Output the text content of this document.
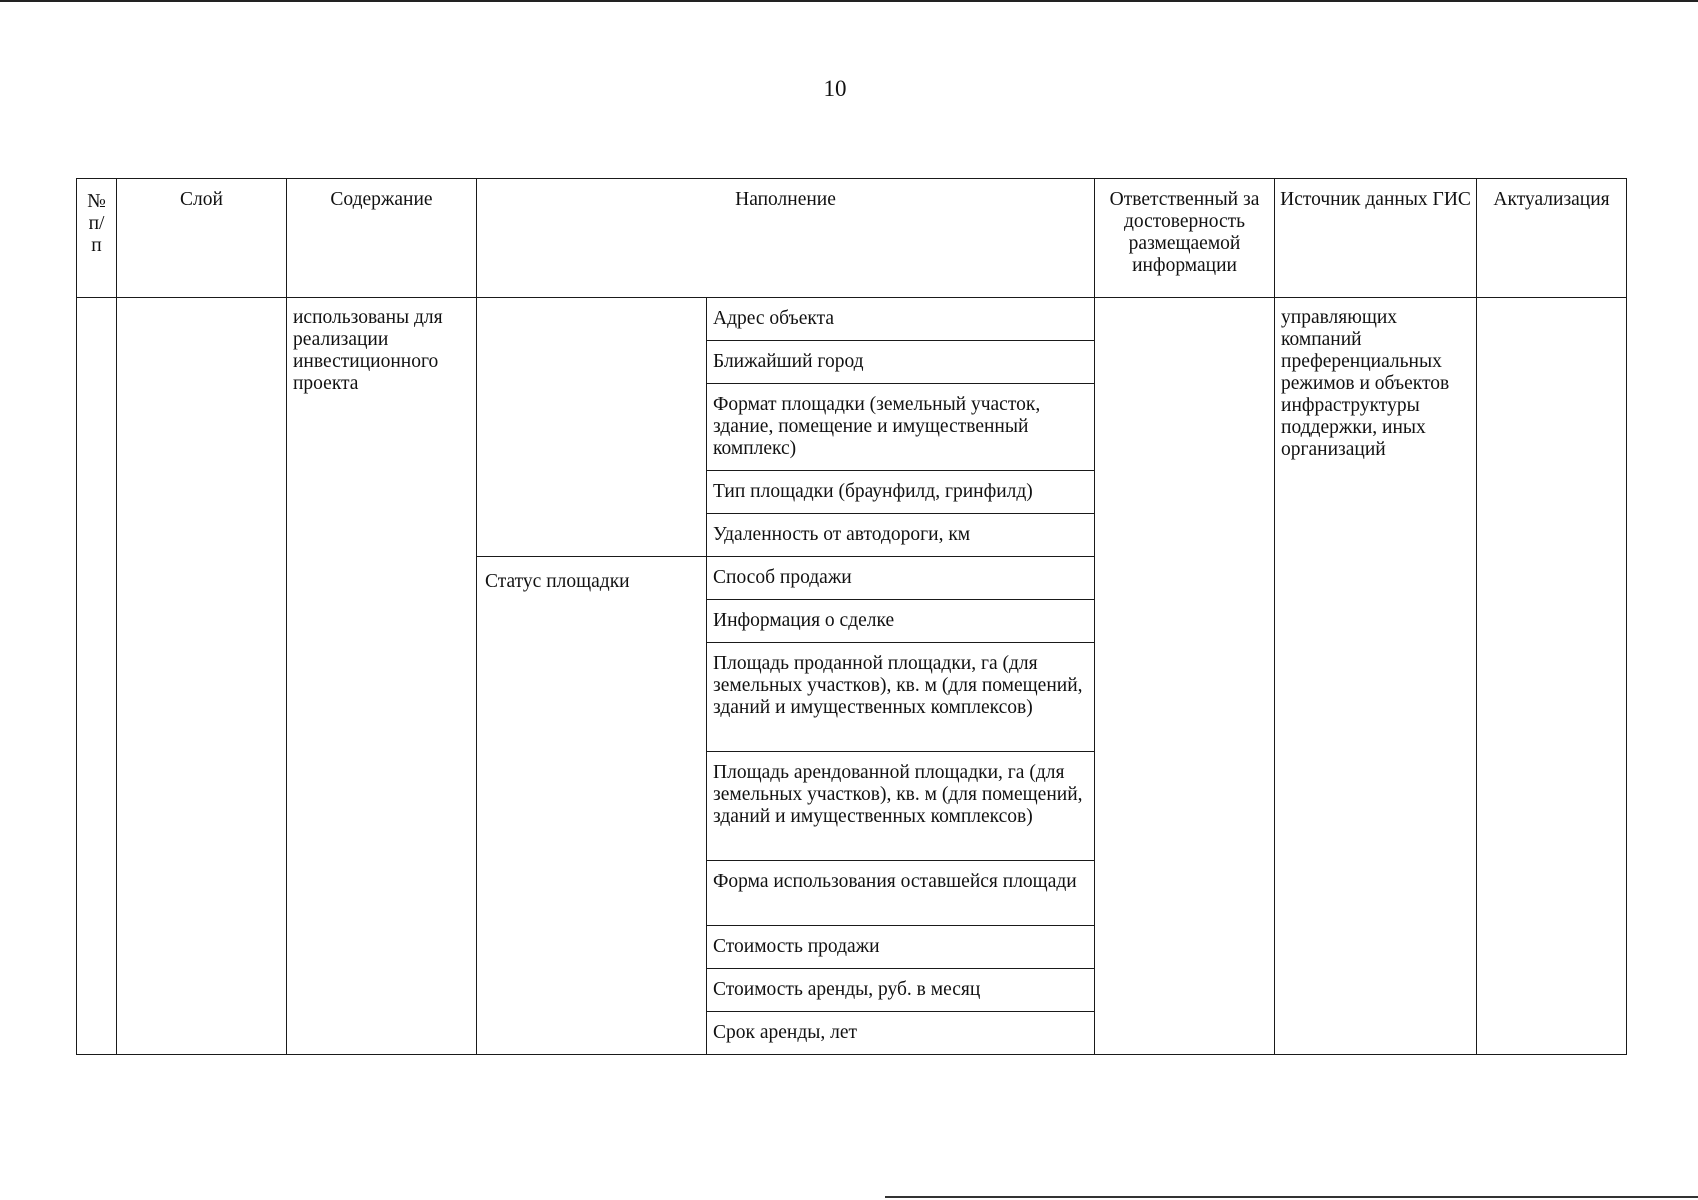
10
№ п/ п	Слой	Содержание	Наполнение		Ответственный за достоверность размещаемой информации	Источник данных ГИС	Актуализация
		использованы для реализации инвестиционного проекта		Адрес объекта		управляющих компаний преференциальных режимов и объектов инфраструктуры поддержки, иных организаций	
				Ближайший город			
				Формат площадки (земельный участок, здание, помещение и имущественный комплекс)			
				Тип площадки (браунфилд, гринфилд)			
				Удаленность от автодороги, км			
			Статус площадки	Способ продажи			
				Информация о сделке			
				Площадь проданной площадки, га (для земельных участков), кв. м (для помещений, зданий и имущественных комплексов)			
				Площадь арендованной площадки, га (для земельных участков), кв. м (для помещений, зданий и имущественных комплексов)			
				Форма использования оставшейся площади			
				Стоимость продажи			
				Стоимость аренды, руб. в месяц			
				Срок аренды, лет			
